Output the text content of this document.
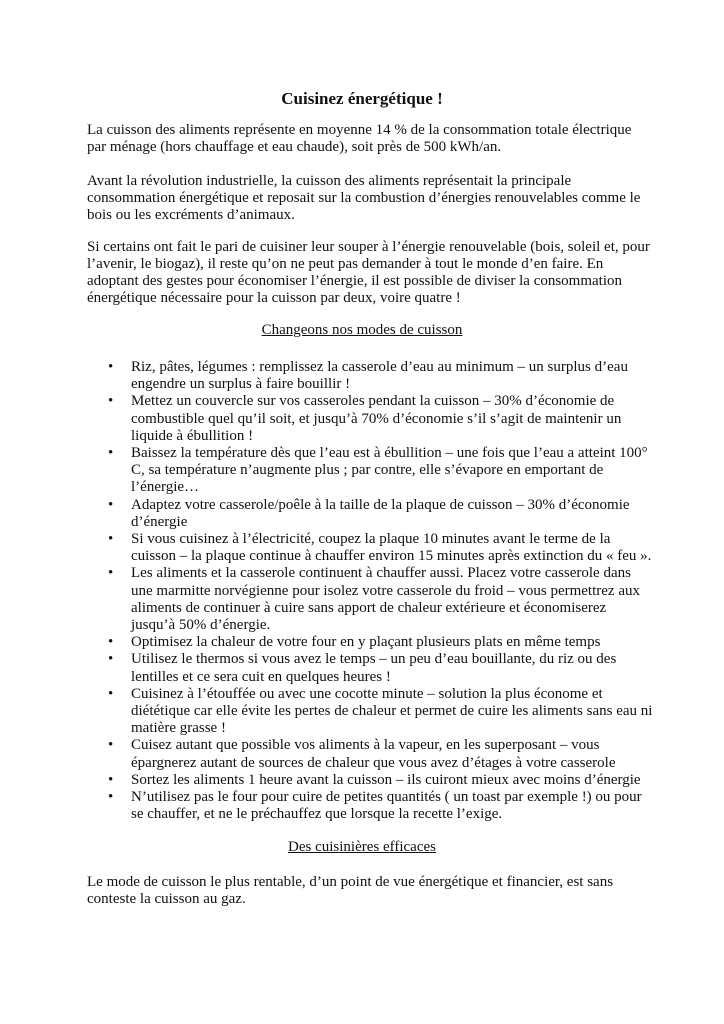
Cuisinez énergétique !
La cuisson des aliments représente en moyenne 14 % de la consommation totale électrique
par ménage (hors chauffage et eau chaude), soit près de 500 kWh/an.
Avant la révolution industrielle, la cuisson des aliments représentait la principale
consommation énergétique et reposait sur la combustion d’énergies renouvelables comme le
bois ou les excréments d’animaux.
Si certains ont fait le pari de cuisiner leur souper à l’énergie renouvelable (bois, soleil et, pour
l’avenir, le biogaz), il reste qu’on ne peut pas demander à tout le monde d’en faire. En
adoptant des gestes pour économiser l’énergie, il est possible de diviser la consommation
énergétique nécessaire pour la cuisson par deux, voire quatre !
Changeons nos modes de cuisson
• Riz, pâtes, légumes : remplissez la casserole d’eau au minimum – un surplus d’eau
engendre un surplus à faire bouillir !
• Mettez un couvercle sur vos casseroles pendant la cuisson – 30% d’économie de
combustible quel qu’il soit, et jusqu’à 70% d’économie s’il s’agit de maintenir un
liquide à ébullition !
• Baissez la température dès que l’eau est à ébullition – une fois que l’eau a atteint 100°
C, sa température n’augmente plus ; par contre, elle s’évapore en emportant de
l’énergie…
• Adaptez votre casserole/poêle à la taille de la plaque de cuisson – 30% d’économie
d’énergie
• Si vous cuisinez à l’électricité, coupez la plaque 10 minutes avant le terme de la
cuisson – la plaque continue à chauffer environ 15 minutes après extinction du « feu ».
• Les aliments et la casserole continuent à chauffer aussi. Placez votre casserole dans
une marmitte norvégienne pour isolez votre casserole du froid – vous permettrez aux
aliments de continuer à cuire sans apport de chaleur extérieure et économiserez
jusqu’à 50% d’énergie.
• Optimisez la chaleur de votre four en y plaçant plusieurs plats en même temps
• Utilisez le thermos si vous avez le temps – un peu d’eau bouillante, du riz ou des
lentilles et ce sera cuit en quelques heures !
• Cuisinez à l’étouffée ou avec une cocotte minute – solution la plus économe et
diététique car elle évite les pertes de chaleur et permet de cuire les aliments sans eau ni
matière grasse !
• Cuisez autant que possible vos aliments à la vapeur, en les superposant – vous
épargnerez autant de sources de chaleur que vous avez d’étages à votre casserole
• Sortez les aliments 1 heure avant la cuisson – ils cuiront mieux avec moins d’énergie
• N’utilisez pas le four pour cuire de petites quantités ( un toast par exemple !) ou pour
se chauffer, et ne le préchauffez que lorsque la recette l’exige.
Des cuisinières efficaces
Le mode de cuisson le plus rentable, d’un point de vue énergétique et financier, est sans
conteste la cuisson au gaz.
